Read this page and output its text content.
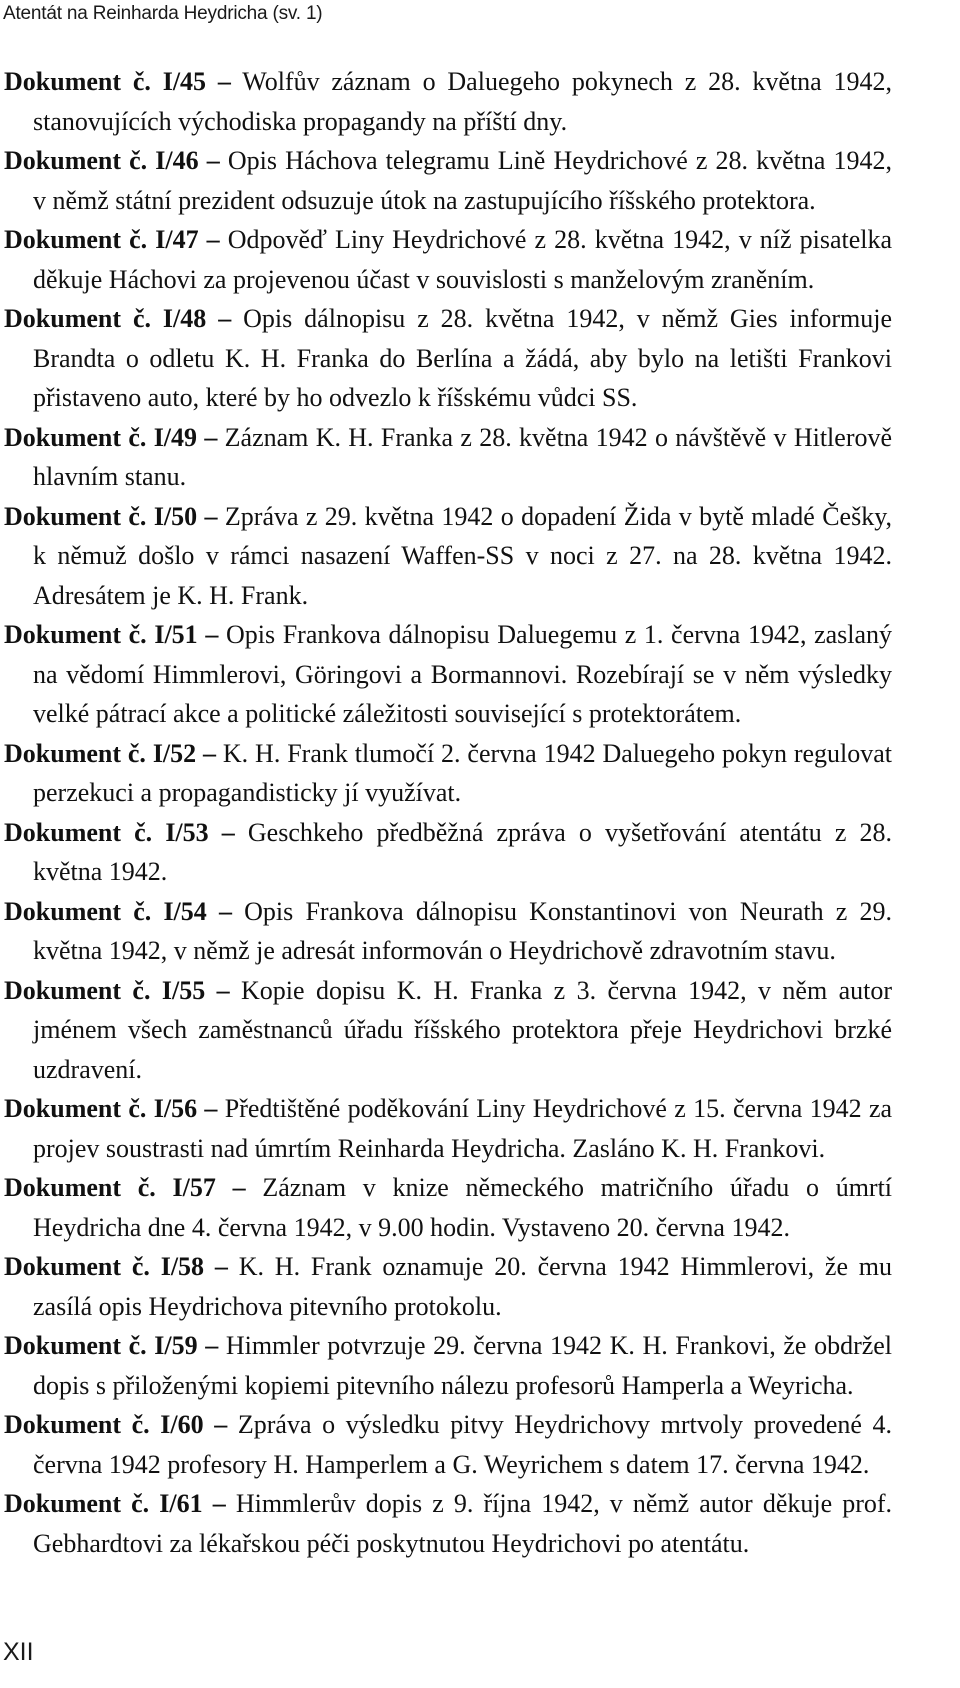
Atentát na Reinharda Heydricha (sv. 1)

Dokument č. I/45 – Wolfův záznam o Daluegeho pokynech z 28. května 1942, stanovujících východiska propagandy na příští dny.

Dokument č. I/46 – Opis Háchova telegramu Lině Heydrichové z 28. května 1942, v němž státní prezident odsuzuje útok na zastupujícího říšského protektora.

Dokument č. I/47 – Odpověď Liny Heydrichové z 28. května 1942, v níž pisatelka děkuje Háchovi za projevenou účast v souvislosti s manželovým zraněním.

Dokument č. I/48 – Opis dálnopisu z 28. května 1942, v němž Gies informuje Brandta o odletu K. H. Franka do Berlína a žádá, aby bylo na letišti Frankovi přistaveno auto, které by ho odvezlo k říšskému vůdci SS.

Dokument č. I/49 – Záznam K. H. Franka z 28. května 1942 o návštěvě v Hitlerově hlavním stanu.

Dokument č. I/50 – Zpráva z 29. května 1942 o dopadení Žida v bytě mladé Češky, k němuž došlo v rámci nasazení Waffen-SS v noci z 27. na 28. května 1942. Adresátem je K. H. Frank.

Dokument č. I/51 – Opis Frankova dálnopisu Daluegemu z 1. června 1942, zaslaný na vědomí Himmlerovi, Göringovi a Bormannovi. Rozebírají se v něm výsledky velké pátrací akce a politické záležitosti související s protektorátem.

Dokument č. I/52 – K. H. Frank tlumočí 2. června 1942 Daluegeho pokyn regulovat perzekuci a propagandisticky jí využívat.

Dokument č. I/53 – Geschkeho předběžná zpráva o vyšetřování atentátu z 28. května 1942.

Dokument č. I/54 – Opis Frankova dálnopisu Konstantinovi von Neurath z 29. května 1942, v němž je adresát informován o Heydrichově zdravotním stavu.

Dokument č. I/55 – Kopie dopisu K. H. Franka z 3. června 1942, v něm autor jménem všech zaměstnanců úřadu říšského protektora přeje Heydrichovi brzké uzdravení.

Dokument č. I/56 – Předtištěné poděkování Liny Heydrichové z 15. června 1942 za projev soustrasti nad úmrtím Reinharda Heydricha. Zasláno K. H. Frankovi.

Dokument č. I/57 – Záznam v knize německého matričního úřadu o úmrtí Heydricha dne 4. června 1942, v 9.00 hodin. Vystaveno 20. června 1942.

Dokument č. I/58 – K. H. Frank oznamuje 20. června 1942 Himmlerovi, že mu zasílá opis Heydrichova pitevního protokolu.

Dokument č. I/59 – Himmler potvrzuje 29. června 1942 K. H. Frankovi, že obdržel dopis s přiloženými kopiemi pitevního nálezu profesorů Hamperla a Weyricha.

Dokument č. I/60 – Zpráva o výsledku pitvy Heydrichovy mrtvoly provedené 4. června 1942 profesory H. Hamperlem a G. Weyrichem s datem 17. června 1942.

Dokument č. I/61 – Himmlerův dopis z 9. října 1942, v němž autor děkuje prof. Gebhardtovi za lékařskou péči poskytnutou Heydrichovi po atentátu.

XII
